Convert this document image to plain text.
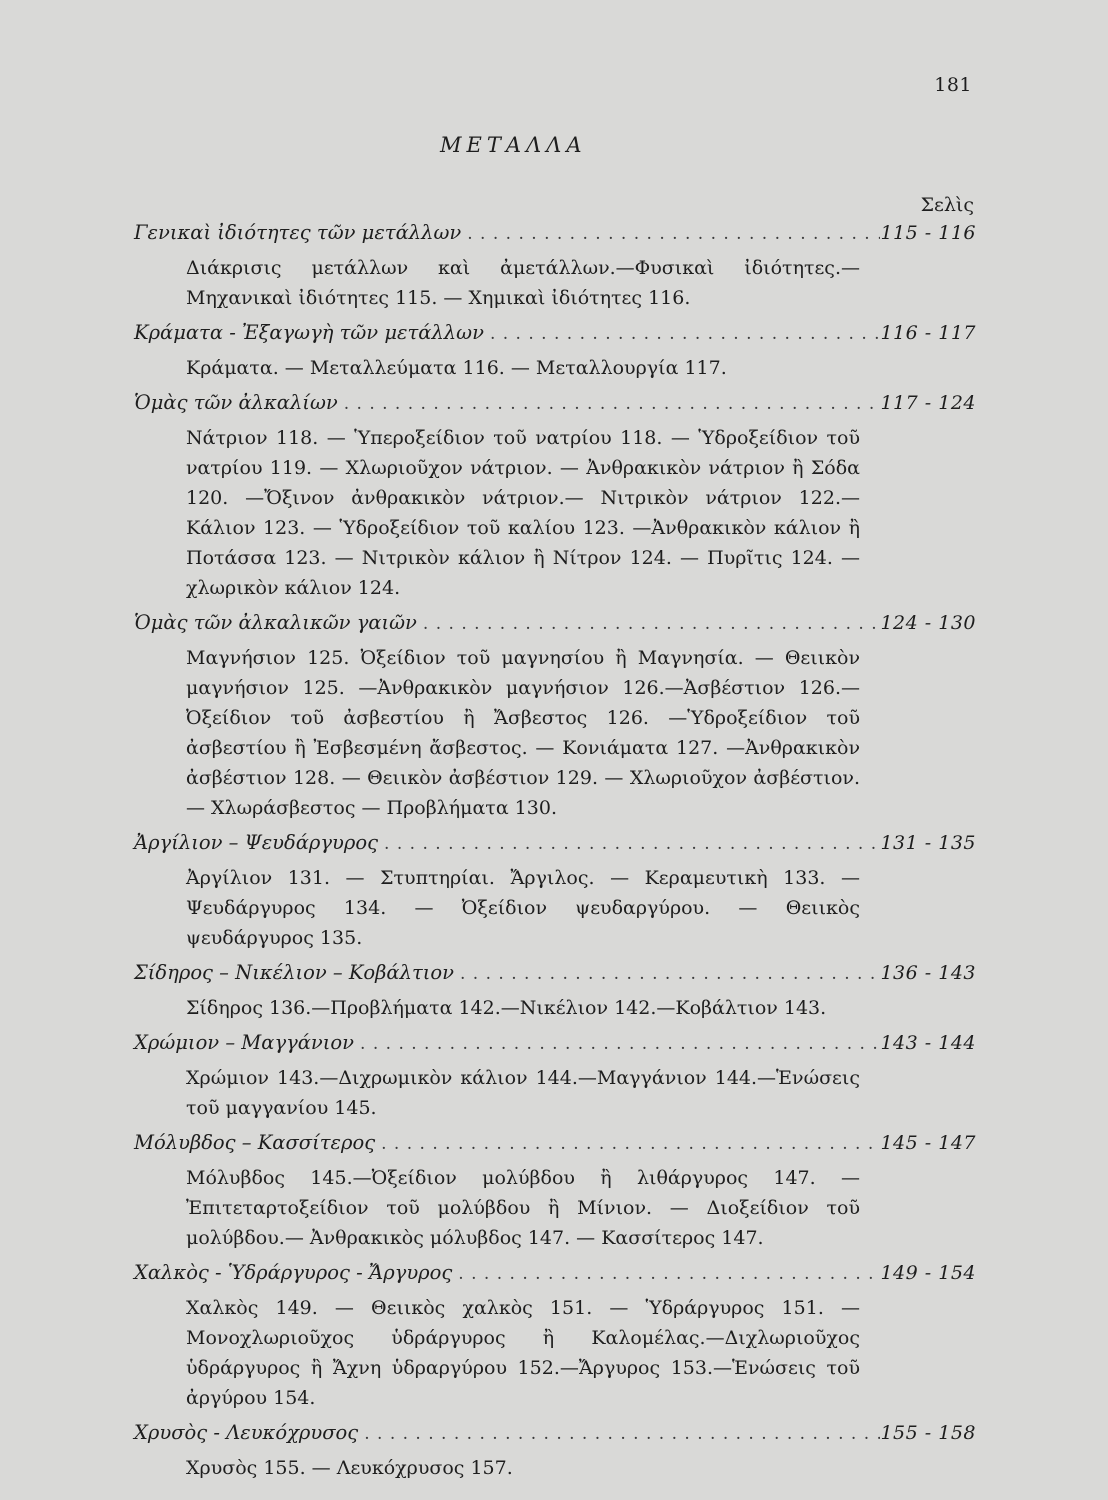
181
ΜΕΤΑΛΛΑ
Σελὶς
Γενικαὶ ἰδιότητες τῶν μετάλλων . . .	115 - 116
Διάκρισις μετάλλων καὶ ἀμετάλλων.—Φυσικαὶ ἰδιότητες.—Μηχανικαὶ ἰδιότητες 115. — Χημικαὶ ἰδιότητες 116.
Κράματα - Ἐξαγωγὴ τῶν μετάλλων . . .	116 - 117
Κράματα. — Μεταλλεύματα 116. — Μεταλλουργία 117.
Ὁμὰς τῶν ἀλκαλίων . . .	117 - 124
Νάτριον 118. — Ὑπεροξείδιον τοῦ νατρίου 118. — Ὑδροξείδιον τοῦ νατρίου 119. — Χλωριοῦχον νάτριον. — Ἀνθρακικὸν νάτριον ἢ Σόδα 120. —Ὄξινον ἀνθρακικὸν νάτριον.— Νιτρικὸν νάτριον 122.— Κάλιον 123. — Ὑδροξείδιον τοῦ καλίου 123. —Ἀνθρακικὸν κάλιον ἢ Ποτάσσα 123. — Νιτρικὸν κάλιον ἢ Νίτρον 124. — Πυρῖτις 124. — χλωρικὸν κάλιον 124.
Ὁμὰς τῶν ἀλκαλικῶν γαιῶν . . .	124 - 130
Μαγνήσιον 125. Ὀξείδιον τοῦ μαγνησίου ἢ Μαγνησία. — Θειικὸν μαγνήσιον 125. —Ἀνθρακικὸν μαγνήσιον 126.—Ἀσβέστιον 126.— Ὀξείδιον τοῦ ἀσβεστίου ἢ Ἄσβεστος 126. —Ὑδροξείδιον τοῦ ἀσβεστίου ἢ Ἐσβεσμένη ἄσβεστος. — Κονιάματα 127. —Ἀνθρακικὸν ἀσβέστιον 128. — Θειικὸν ἀσβέστιον 129. — Χλωριοῦχον ἀσβέστιον. — Χλωράσβεστος — Προβλήματα 130.
Ἀργίλιον – Ψευδάργυρος . . .	131 - 135
Ἀργίλιον 131. — Στυπτηρίαι. Ἄργιλος. — Κεραμευτικὴ 133. — Ψευδάργυρος 134. — Ὀξείδιον ψευδαργύρου. — Θειικὸς ψευδάργυρος 135.
Σίδηρος – Νικέλιον – Κοβάλτιον . . .	136 - 143
Σίδηρος 136.—Προβλήματα 142.—Νικέλιον 142.—Κοβάλτιον 143.
Χρώμιον – Μαγγάνιον . . .	143 - 144
Χρώμιον 143.—Διχρωμικὸν κάλιον 144.—Μαγγάνιον 144.—Ἑνώσεις τοῦ μαγγανίου 145.
Μόλυβδος – Κασσίτερος . . .	145 - 147
Μόλυβδος 145.—Ὀξείδιον μολύβδου ἢ λιθάργυρος 147. — Ἐπιτεταρτοξείδιον τοῦ μολύβδου ἢ Μίνιον. — Διοξείδιον τοῦ μολύβδου.— Ἀνθρακικὸς μόλυβδος 147. — Κασσίτερος 147.
Χαλκὸς - Ὑδράργυρος - Ἄργυρος . . .	149 - 154
Χαλκὸς 149. — Θειικὸς χαλκὸς 151. — Ὑδράργυρος 151. — Μονοχλωριοῦχος ὑδράργυρος ἢ Καλομέλας.—Διχλωριοῦχος ὑδράργυρος ἢ Ἄχνη ὑδραργύρου 152.—Ἄργυρος 153.—Ἑνώσεις τοῦ ἀργύρου 154.
Χρυσὸς - Λευκόχρυσος . . .	155 - 158
Χρυσὸς 155. — Λευκόχρυσος 157.
